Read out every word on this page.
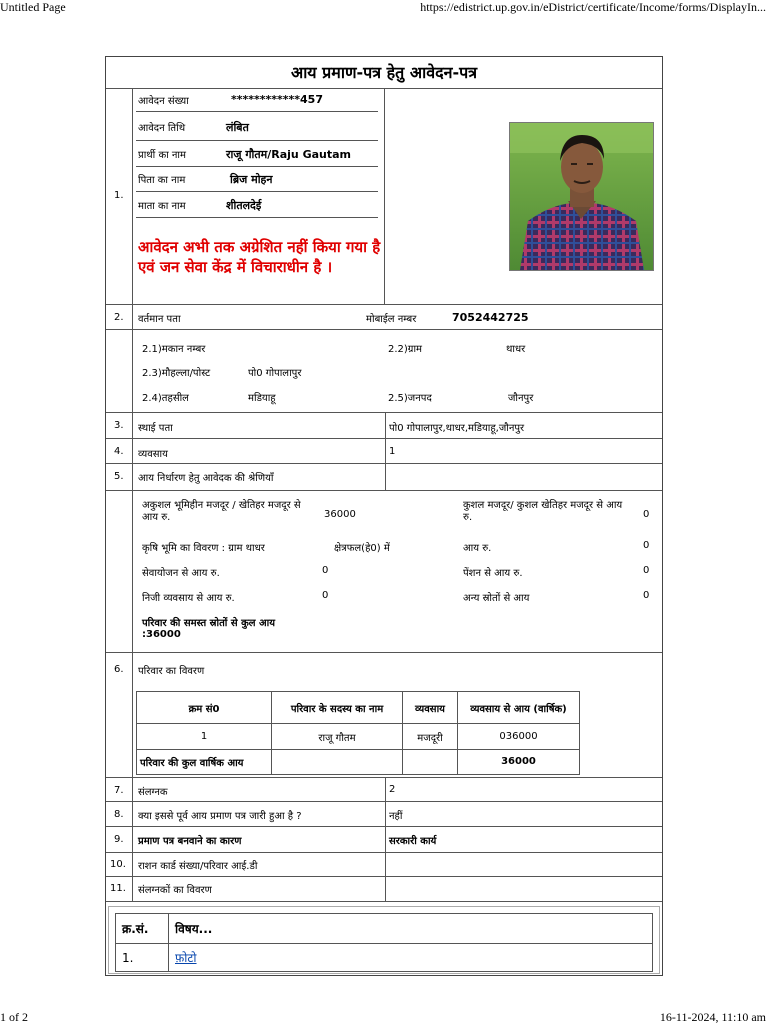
Untitled Page	https://edistrict.up.gov.in/eDistrict/certificate/Income/forms/DisplayIn...
1 of 2	16-11-2024, 11:10 am
आय प्रमाण-पत्र हेतु आवेदन-पत्र
1.
आवेदन संख्या	************457
आवेदन तिथि	लंबित
प्रार्थी का नाम	राजू गौतम/Raju Gautam
पिता का नाम	ब्रिज मोहन
माता का नाम	शीतलदेई
आवेदन अभी तक अग्रेशित नहीं किया गया है एवं जन सेवा केंद्र में विचाराधीन है ।
2. वर्तमान पता	मोबाईल नम्बर	7052442725
2.1)मकान नम्बर	2.2)ग्राम	थाधर
2.3)मौहल्ला/पोस्ट	पो0 गोपालापुर
2.4)तहसील	मडियाहू	2.5)जनपद	जौनपुर
3. स्थाई पता	पो0 गोपालापुर,थाधर,मडियाहू,जौनपुर
4. व्यवसाय	1
5. आय निर्धारण हेतु आवेदक की श्रेणियाँ
अकुशल भूमिहीन मजदूर / खेतिहर मजदूर से आय रु.	36000
कुशल मजदूर/ कुशल खेतिहर मजदूर से आय रु.	0
कृषि भूमि का विवरण : ग्राम थाधर	क्षेत्रफल(हे0) में	आय रु.	0
सेवायोजन से आय रु.	0	पेंशन से आय रु.	0
निजी व्यवसाय से आय रु.	0	अन्य स्रोतों से आय	0
परिवार की समस्त स्रोतों से कुल आय
:36000
6. परिवार का विवरण
क्रम सं0	परिवार के सदस्य का नाम	व्यवसाय	व्यवसाय से आय (वार्षिक)
1	राजू गौतम	मजदूरी	036000
परिवार की कुल वार्षिक आय			36000
7. संलग्नक	2
8. क्या इससे पूर्व आय प्रमाण पत्र जारी हुआ है ?	नहीं
9. प्रमाण पत्र बनवाने का कारण	सरकारी कार्य
10. राशन कार्ड संख्या/परिवार आई.डी
11. संलग्नकों का विवरण
क्र.सं.	विषय...
1.	फ़ोटो
